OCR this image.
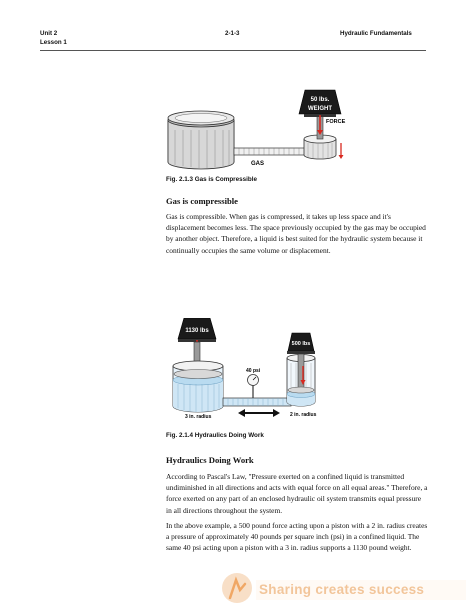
Unit 2
Lesson 1
2-1-3	Hydraulic Fundamentals
GAS
50 lbs.
WEIGHT
FORCE
Fig. 2.1.3 Gas is Compressible
Gas is compressible

Gas is compressible. When gas is compressed, it takes up less space and it's displacement becomes less. The space previously occupied by the gas may be occupied by another object. Therefore, a liquid is best suited for the hydraulic system because it continually occupies the same volume or displacement.

1130 lbs
3 in. radius
40 psi
500 lbs
2 in. radius
Fig. 2.1.4 Hydraulics Doing Work
Hydraulics Doing Work

According to Pascal's Law, "Pressure exerted on a confined liquid is transmitted undiminished in all directions and acts with equal force on all equal areas." Therefore, a force exerted on any part of an enclosed hydraulic oil system transmits equal pressure in all directions throughout the system.

In the above example, a 500 pound force acting upon a piston with a 2 in. radius creates a pressure of approximately 40 pounds per square inch (psi) in a confined liquid. The same 40 psi acting upon a piston with a 3 in. radius supports a 1130 pound weight.

Sharing creates success
